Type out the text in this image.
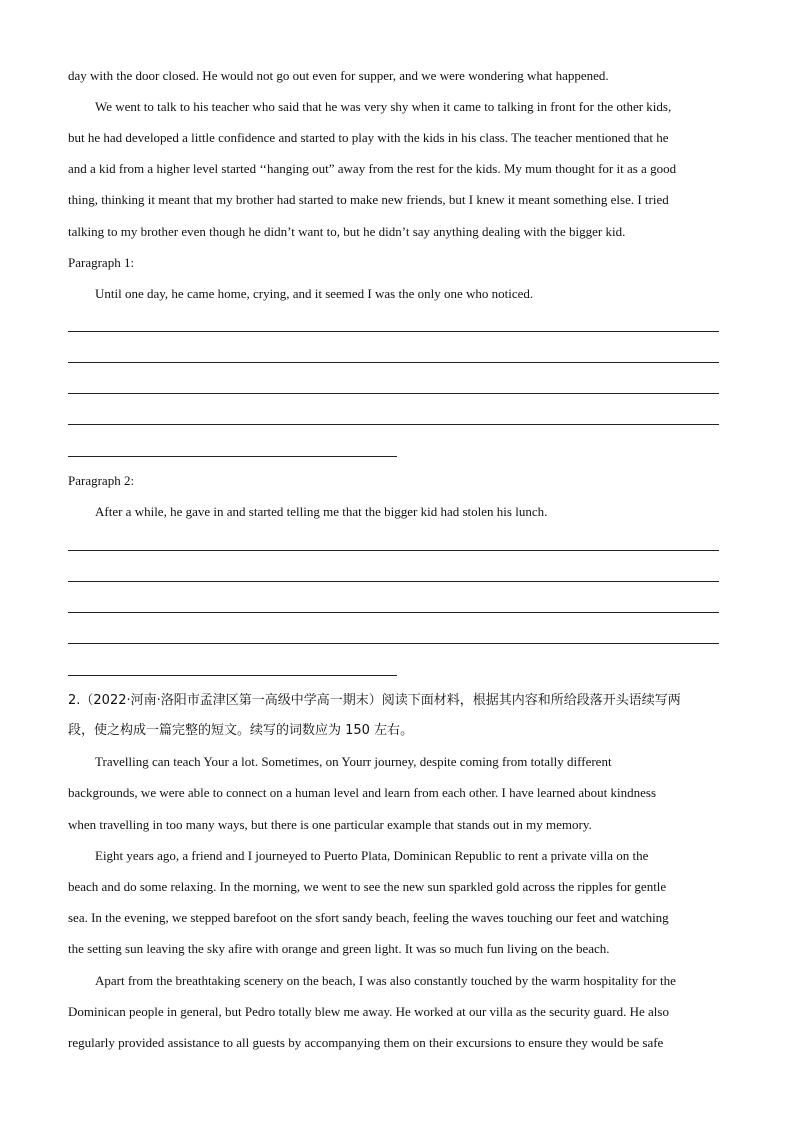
day with the door closed. He would not go out even for supper, and we were wondering what happened.
We went to talk to his teacher who said that he was very shy when it came to talking in front for the other kids,
but he had developed a little confidence and started to play with the kids in his class. The teacher mentioned that he
and a kid from a higher level started ‘‘hanging out” away from the rest for the kids. My mum thought for it as a good
thing, thinking it meant that my brother had started to make new friends, but I knew it meant something else. I tried
talking to my brother even though he didn’t want to, but he didn’t say anything dealing with the bigger kid.
Paragraph 1:
Until one day, he came home, crying, and it seemed I was the only one who noticed.
Paragraph 2:
After a while, he gave in and started telling me that the bigger kid had stolen his lunch.
2.（2022·河南·洛阳市孟津区第一高级中学高一期末）阅读下面材料，根据其内容和所给段落开头语续写两
段，使之构成一篇完整的短文。续写的词数应为 150 左右。
Travelling can teach Your a lot. Sometimes, on Yourr journey, despite coming from totally different
backgrounds, we were able to connect on a human level and learn from each other. I have learned about kindness
when travelling in too many ways, but there is one particular example that stands out in my memory.
Eight years ago, a friend and I journeyed to Puerto Plata, Dominican Republic to rent a private villa on the
beach and do some relaxing. In the morning, we went to see the new sun sparkled gold across the ripples for gentle
sea. In the evening, we stepped barefoot on the sfort sandy beach, feeling the waves touching our feet and watching
the setting sun leaving the sky afire with orange and green light. It was so much fun living on the beach.
Apart from the breathtaking scenery on the beach, I was also constantly touched by the warm hospitality for the
Dominican people in general, but Pedro totally blew me away. He worked at our villa as the security guard. He also
regularly provided assistance to all guests by accompanying them on their excursions to ensure they would be safe
